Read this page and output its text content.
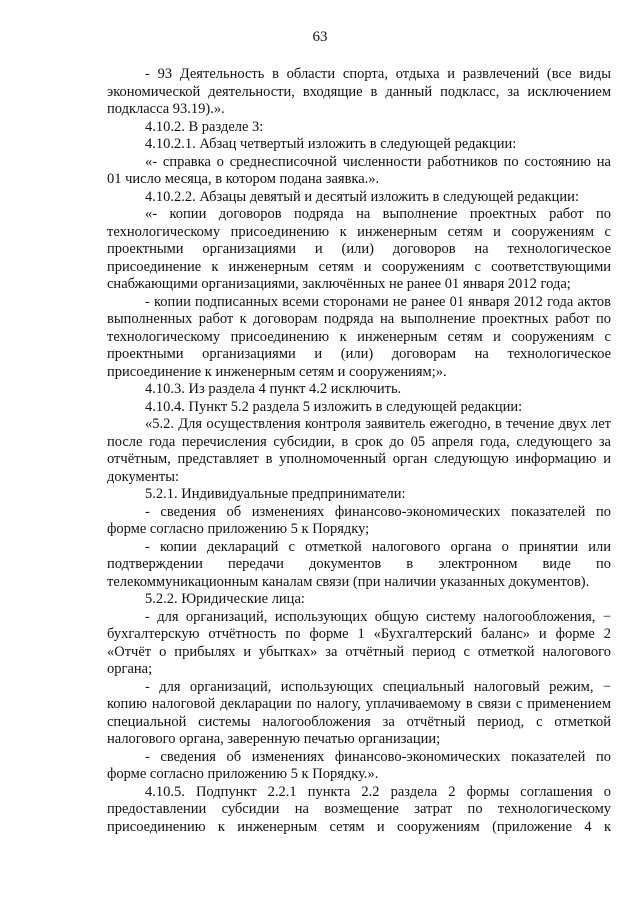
63

- 93 Деятельность в области спорта, отдыха и развлечений (все виды экономической деятельности, входящие в данный подкласс, за исключением подкласса 93.19).».

4.10.2. В разделе 3:

4.10.2.1. Абзац четвертый изложить в следующей редакции:

«- справка о среднесписочной численности работников по состоянию на 01 число месяца, в котором подана заявка.».

4.10.2.2. Абзацы девятый и десятый изложить в следующей редакции:

«- копии договоров подряда на выполнение проектных работ по технологическому присоединению к инженерным сетям и сооружениям с проектными организациями и (или) договоров на технологическое присоединение к инженерным сетям и сооружениям с соответствующими снабжающими организациями, заключённых не ранее 01 января 2012 года;

- копии подписанных всеми сторонами не ранее 01 января 2012 года актов выполненных работ к договорам подряда на выполнение проектных работ по технологическому присоединению к инженерным сетям и сооружениям с проектными организациями и (или) договорам на технологическое присоединение к инженерным сетям и сооружениям;».

4.10.3. Из раздела 4 пункт 4.2 исключить.

4.10.4. Пункт 5.2 раздела 5 изложить в следующей редакции:

«5.2. Для осуществления контроля заявитель ежегодно, в течение двух лет после года перечисления субсидии, в срок до 05 апреля года, следующего за отчётным, представляет в уполномоченный орган следующую информацию и документы:

5.2.1. Индивидуальные предприниматели:

- сведения об изменениях финансово-экономических показателей по форме согласно приложению 5 к Порядку;

- копии деклараций с отметкой налогового органа о принятии или подтверждении передачи документов в электронном виде по телекоммуникационным каналам связи (при наличии указанных документов).

5.2.2. Юридические лица:

- для организаций, использующих общую систему налогообложения, − бухгалтерскую отчётность по форме 1 «Бухгалтерский баланс» и форме 2 «Отчёт о прибылях и убытках» за отчётный период с отметкой налогового органа;

- для организаций, использующих специальный налоговый режим, − копию налоговой декларации по налогу, уплачиваемому в связи с применением специальной системы налогообложения за отчётный период, с отметкой налогового органа, заверенную печатью организации;

- сведения об изменениях финансово-экономических показателей по форме согласно приложению 5 к Порядку.».

4.10.5. Подпункт 2.2.1 пункта 2.2 раздела 2 формы соглашения о предоставлении субсидии на возмещение затрат по технологическому присоединению к инженерным сетям и сооружениям (приложение 4 к
